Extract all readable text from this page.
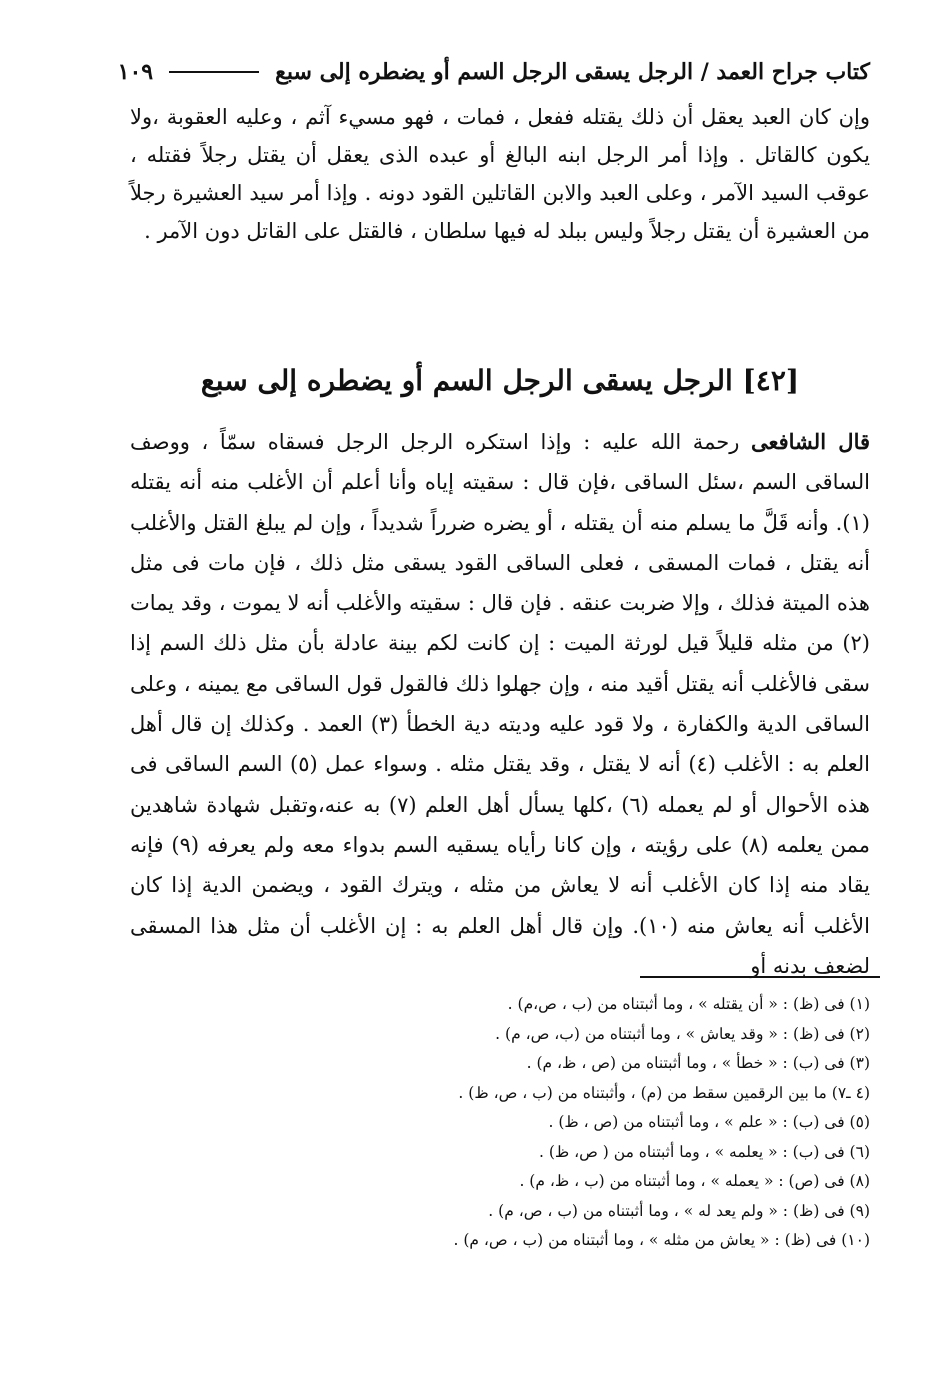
كتاب جراح العمد / الرجل يسقى الرجل السم أو يضطره إلى سبع
١٠٩
وإن كان العبد يعقل أن ذلك يقتله ففعل ، فمات ، فهو مسيء آثم ، وعليه العقوبة ،ولا يكون كالقاتل . وإذا أمر الرجل ابنه البالغ أو عبده الذى يعقل أن يقتل رجلاً فقتله ، عوقب السيد الآمر ، وعلى العبد والابن القاتلين القود دونه . وإذا أمر سيد العشيرة رجلاً من العشيرة أن يقتل رجلاً وليس ببلد له فيها سلطان ، فالقتل على القاتل دون الآمر .
[٤٢] الرجل يسقى الرجل السم أو يضطره إلى سبع
قال الشافعى رحمة الله عليه : وإذا استكره الرجل الرجل فسقاه سمّاً ، ووصف الساقى السم ،سئل الساقى ،فإن قال : سقيته إياه وأنا أعلم أن الأغلب منه أنه يقتله (١). وأنه قَلَّ ما يسلم منه أن يقتله ، أو يضره ضرراً شديداً ، وإن لم يبلغ القتل والأغلب أنه يقتل ، فمات المسقى ، فعلى الساقى القود يسقى مثل ذلك ، فإن مات فى مثل هذه الميتة فذلك ، وإلا ضربت عنقه . فإن قال : سقيته والأغلب أنه لا يموت ، وقد يمات (٢) من مثله قليلاً قيل لورثة الميت : إن كانت لكم بينة عادلة بأن مثل ذلك السم إذا سقى فالأغلب أنه يقتل أقيد منه ، وإن جهلوا ذلك فالقول قول الساقى مع يمينه ، وعلى الساقى الدية والكفارة ، ولا قود عليه وديته دية الخطأ (٣) العمد . وكذلك إن قال أهل العلم به : الأغلب (٤) أنه لا يقتل ، وقد يقتل مثله . وسواء عمل (٥) السم الساقى فى هذه الأحوال أو لم يعمله (٦) ،كلها يسأل أهل العلم (٧) به عنه،وتقبل شهادة شاهدين ممن يعلمه (٨) على رؤيته ، وإن كانا رأياه يسقيه السم بدواء معه ولم يعرفه (٩) فإنه يقاد منه إذا كان الأغلب أنه لا يعاش من مثله ، ويترك القود ، ويضمن الدية إذا كان الأغلب أنه يعاش منه (١٠). وإن قال أهل العلم به : إن الأغلب أن مثل هذا المسقى لضعف بدنه أو
(١) فى (ظ) : « أن يقتله » ، وما أثبتناه من (ب ، ص،م) .
(٢) فى (ظ) : « وقد يعاش » ، وما أثبتناه من (ب، ص، م) .
(٣) فى (ب) : « خطأ » ، وما أثبتناه من (ص ، ظ، م) .
(٤ ـ٧) ما بين الرقمين سقط من (م) ، وأثبتناه من (ب ، ص، ظ) .
(٥) فى (ب) : « علم » ، وما أثبتناه من (ص ، ظ) .
(٦) فى (ب) : « يعلمه » ، وما أثبتناه من ( ص، ظ) .
(٨) فى (ص) : « يعمله » ، وما أثبتناه من (ب ، ظ، م) .
(٩) فى (ظ) : « ولم يعد له » ، وما أثبتناه من (ب ، ص، م) .
(١٠) فى (ظ) : « يعاش من مثله » ، وما أثبتناه من (ب ، ص، م) .
